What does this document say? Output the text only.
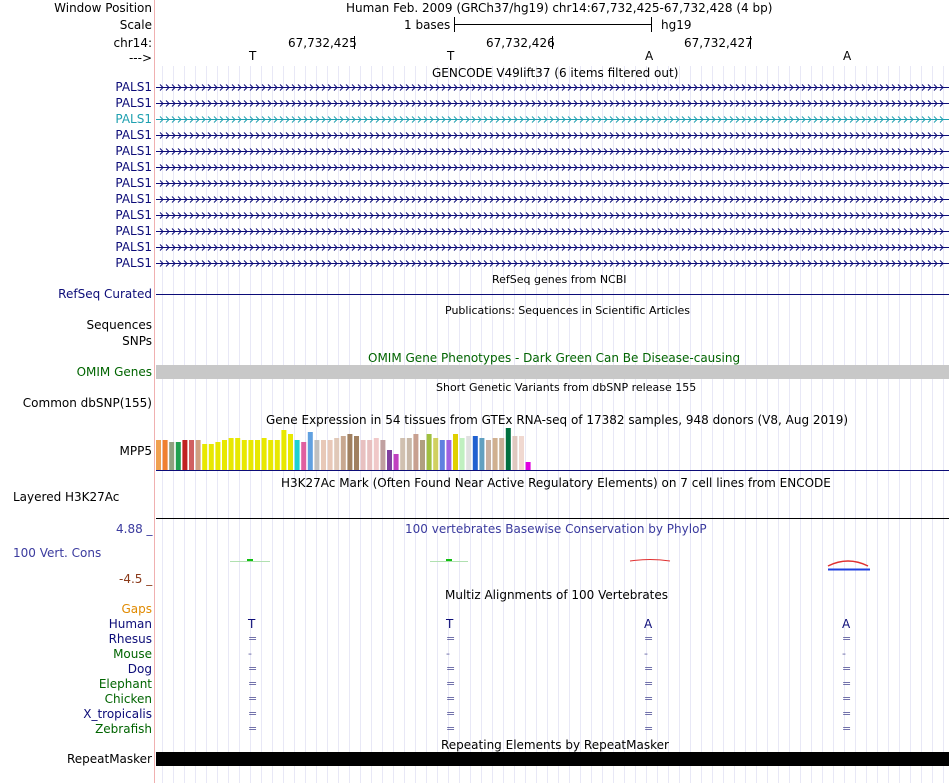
Window Position	Human Feb. 2009 (GRCh37/hg19) chr14:67,732,425-67,732,428 (4 bp)
Scale	1 bases	hg19
chr14:	67,732,425	67,732,426	67,732,427
--->	T	T	A	A
GENCODE V49lift37 (6 items filtered out)
PALS1
PALS1
PALS1
PALS1
PALS1
PALS1
PALS1
PALS1
PALS1
PALS1
PALS1
PALS1
RefSeq genes from NCBI
RefSeq Curated
Publications: Sequences in Scientific Articles
Sequences
SNPs
OMIM Gene Phenotypes - Dark Green Can Be Disease-causing
OMIM Genes
Short Genetic Variants from dbSNP release 155
Common dbSNP(155)
Gene Expression in 54 tissues from GTEx RNA-seq of 17382 samples, 948 donors (V8, Aug 2019)
MPP5
H3K27Ac Mark (Often Found Near Active Regulatory Elements) on 7 cell lines from ENCODE
Layered H3K27Ac
100 vertebrates Basewise Conservation by PhyloP
4.88 _
100 Vert. Cons
-4.5 _
Multiz Alignments of 100 Vertebrates
Gaps
Human	T	T	A	A
Rhesus	=	=	=	=
Mouse	-	-	-	-
Dog	=	=	=	=
Elephant	=	=	=	=
Chicken	=	=	=	=
X_tropicalis	=	=	=	=
Zebrafish	=	=	=	=
Repeating Elements by RepeatMasker
RepeatMasker
